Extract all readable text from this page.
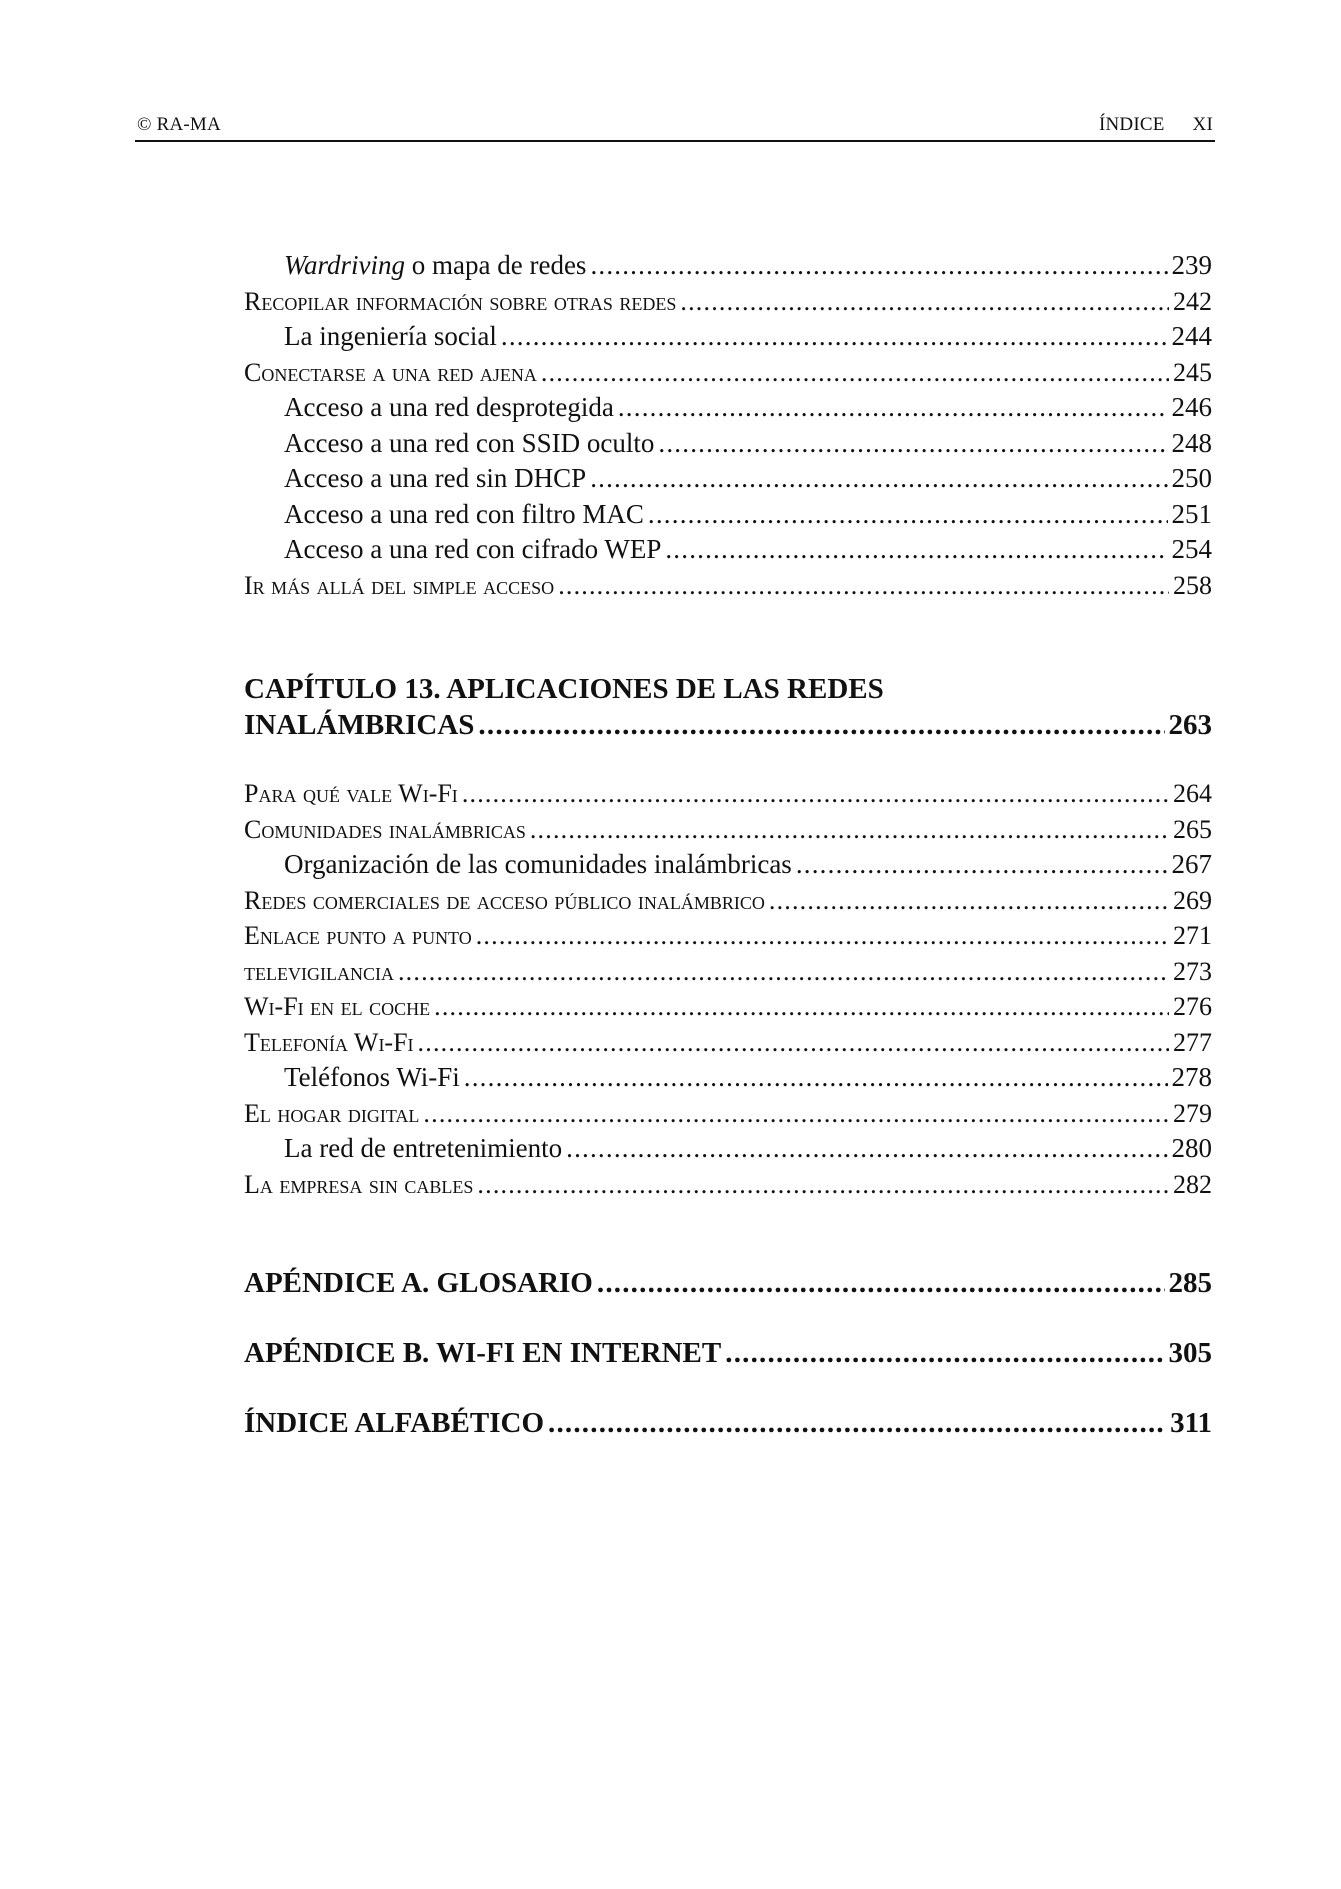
© RA-MA	ÍNDICE XI
Wardriving o mapa de redes .....	239
Recopilar información sobre otras redes .....	242
La ingeniería social .....	244
Conectarse a una red ajena .....	245
Acceso a una red desprotegida .....	246
Acceso a una red con SSID oculto .....	248
Acceso a una red sin DHCP .....	250
Acceso a una red con filtro MAC .....	251
Acceso a una red con cifrado WEP .....	254
Ir más allá del simple acceso .....	258
CAPÍTULO 13. APLICACIONES DE LAS REDES
INALÁMBRICAS .....	263
Para qué vale Wi-Fi .....	264
Comunidades inalámbricas .....	265
Organización de las comunidades inalámbricas .....	267
Redes comerciales de acceso público inalámbrico .....	269
Enlace punto a punto .....	271
televigilancia .....	273
Wi-Fi en el coche .....	276
Telefonía Wi-Fi .....	277
Teléfonos Wi-Fi .....	278
El hogar digital .....	279
La red de entretenimiento .....	280
La empresa sin cables .....	282
APÉNDICE A. GLOSARIO .....	285
APÉNDICE B. WI-FI EN INTERNET .....	305
ÍNDICE ALFABÉTICO .....	311
